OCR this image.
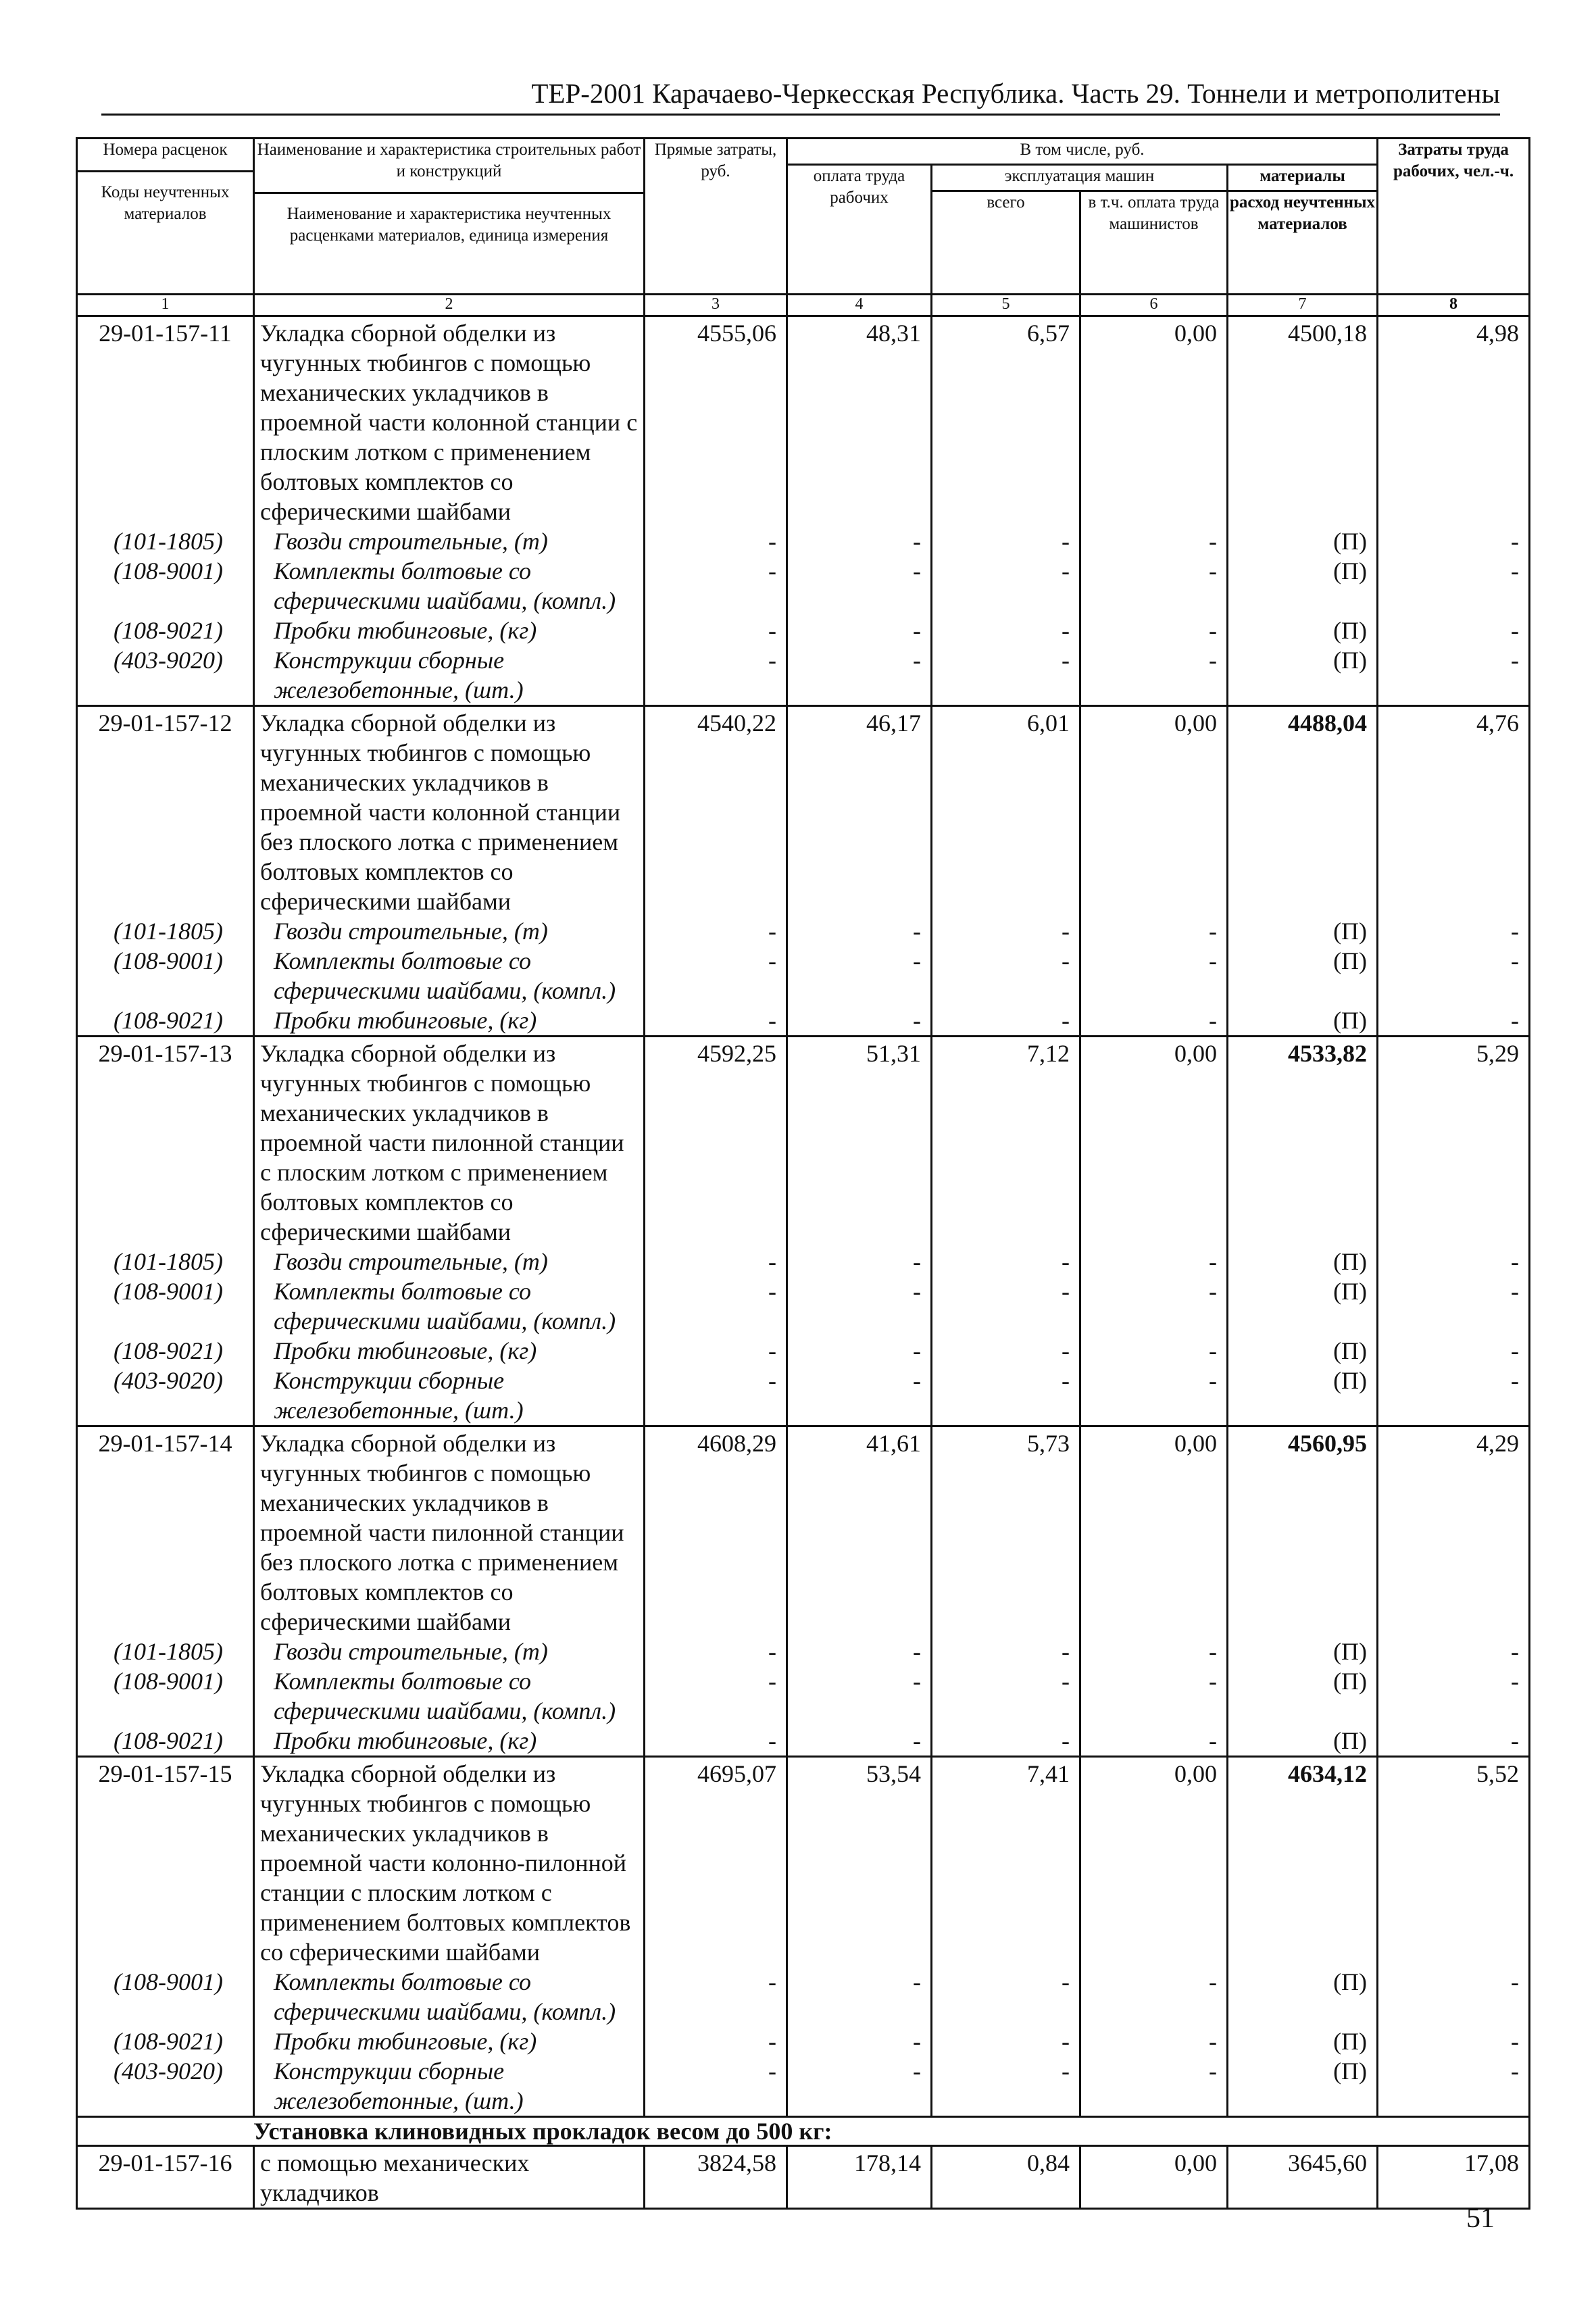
ТЕР-2001 Карачаево-Черкесская Республика. Часть 29. Тоннели и метрополитены
Номера расценок
Коды неучтенных материалов	Наименование и характеристика строительных работ и конструкций
Наименование и характеристика неучтенных расценками материалов, единица измерения	Прямые затраты, руб.	В том числе, руб.				Затраты труда рабочих, чел.-ч.
			оплата труда рабочих	эксплуатация машин		материалы	
				всего	в т.ч. оплата труда машинистов	расход неучтенных материалов	
1	2	3	4	5	6	7	8
29-01-157-11	Укладка сборной обделки из чугунных тюбингов с помощью механических укладчиков в проемной части колонной станции с плоским лотком с применением болтовых комплектов со сферическими шайбами	4555,06	48,31	6,57	0,00	4500,18	4,98
(101-1805)	Гвозди строительные, (т)	-	-	-	-	(П)	-
(108-9001)	Комплекты болтовые со сферическими шайбами, (компл.)	-	-	-	-	(П)	-
(108-9021)	Пробки тюбинговые, (кг)	-	-	-	-	(П)	-
(403-9020)	Конструкции сборные железобетонные, (шт.)	-	-	-	-	(П)	-
29-01-157-12	Укладка сборной обделки из чугунных тюбингов с помощью механических укладчиков в проемной части колонной станции без плоского лотка с применением болтовых комплектов со сферическими шайбами	4540,22	46,17	6,01	0,00	4488,04	4,76
(101-1805)	Гвозди строительные, (т)	-	-	-	-	(П)	-
(108-9001)	Комплекты болтовые со сферическими шайбами, (компл.)	-	-	-	-	(П)	-
(108-9021)	Пробки тюбинговые, (кг)	-	-	-	-	(П)	-
29-01-157-13	Укладка сборной обделки из чугунных тюбингов с помощью механических укладчиков в проемной части пилонной станции с плоским лотком с применением болтовых комплектов со сферическими шайбами	4592,25	51,31	7,12	0,00	4533,82	5,29
(101-1805)	Гвозди строительные, (т)	-	-	-	-	(П)	-
(108-9001)	Комплекты болтовые со сферическими шайбами, (компл.)	-	-	-	-	(П)	-
(108-9021)	Пробки тюбинговые, (кг)	-	-	-	-	(П)	-
(403-9020)	Конструкции сборные железобетонные, (шт.)	-	-	-	-	(П)	-
29-01-157-14	Укладка сборной обделки из чугунных тюбингов с помощью механических укладчиков в проемной части пилонной станции без плоского лотка с применением болтовых комплектов со сферическими шайбами	4608,29	41,61	5,73	0,00	4560,95	4,29
(101-1805)	Гвозди строительные, (т)	-	-	-	-	(П)	-
(108-9001)	Комплекты болтовые со сферическими шайбами, (компл.)	-	-	-	-	(П)	-
(108-9021)	Пробки тюбинговые, (кг)	-	-	-	-	(П)	-
29-01-157-15	Укладка сборной обделки из чугунных тюбингов с помощью механических укладчиков в проемной части колонно-пилонной станции с плоским лотком с применением болтовых комплектов со сферическими шайбами	4695,07	53,54	7,41	0,00	4634,12	5,52
(108-9001)	Комплекты болтовые со сферическими шайбами, (компл.)	-	-	-	-	(П)	-
(108-9021)	Пробки тюбинговые, (кг)	-	-	-	-	(П)	-
(403-9020)	Конструкции сборные железобетонные, (шт.)	-	-	-	-	(П)	-
Установка клиновидных прокладок весом до 500 кг:							
29-01-157-16	с помощью механических укладчиков	3824,58	178,14	0,84	0,00	3645,60	17,08
51
